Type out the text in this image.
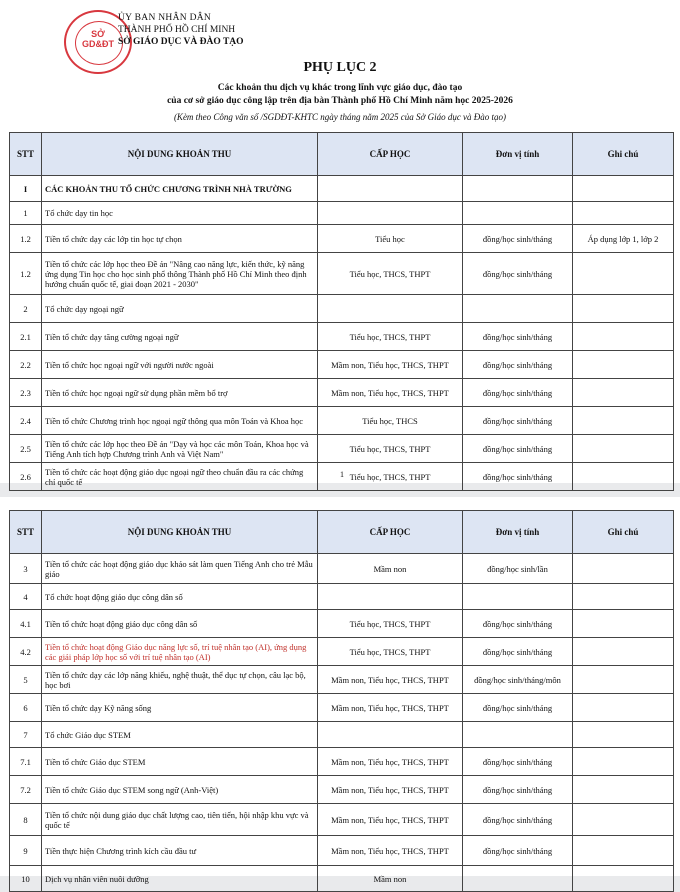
SỞ
GD&ĐT
ỦY BAN NHÂN DÂN
THÀNH PHỐ HỒ CHÍ MINH
SỞ GIÁO DỤC VÀ ĐÀO TẠO
PHỤ LỤC 2
Các khoản thu dịch vụ khác trong lĩnh vực giáo dục, đào tạo
của cơ sở giáo dục công lập trên địa bàn Thành phố Hồ Chí Minh năm học 2025-2026
(Kèm theo Công văn số /SGDĐT-KHTC ngày tháng năm 2025 của Sở Giáo dục và Đào tạo)
STT	NỘI DUNG KHOẢN THU	CẤP HỌC	Đơn vị tính	Ghi chú
I	CÁC KHOẢN THU TỔ CHỨC CHƯƠNG TRÌNH NHÀ TRƯỜNG			
1	Tổ chức dạy tin học			
1.2	Tiền tổ chức dạy các lớp tin học tự chọn	Tiểu học	đồng/học sinh/tháng	Áp dụng lớp 1, lớp 2
1.2	Tiền tổ chức các lớp học theo Đề án "Nâng cao năng lực, kiến thức, kỹ năng ứng dụng Tin học cho học sinh phổ thông Thành phố Hồ Chí Minh theo định hướng chuẩn quốc tế, giai đoạn 2021 - 2030"	Tiểu học, THCS, THPT	đồng/học sinh/tháng	
2	Tổ chức dạy ngoại ngữ			
2.1	Tiền tổ chức dạy tăng cường ngoại ngữ	Tiểu học, THCS, THPT	đồng/học sinh/tháng	
2.2	Tiền tổ chức học ngoại ngữ với người nước ngoài	Mầm non, Tiểu học, THCS, THPT	đồng/học sinh/tháng	
2.3	Tiền tổ chức học ngoại ngữ sử dụng phần mềm bổ trợ	Mầm non, Tiểu học, THCS, THPT	đồng/học sinh/tháng	
2.4	Tiền tổ chức Chương trình học ngoại ngữ thông qua môn Toán và Khoa học	Tiểu học, THCS	đồng/học sinh/tháng	
2.5	Tiền tổ chức các lớp học theo Đề án "Dạy và học các môn Toán, Khoa học và Tiếng Anh tích hợp Chương trình Anh và Việt Nam"	Tiểu học, THCS, THPT	đồng/học sinh/tháng	
2.6	Tiền tổ chức các hoạt động giáo dục ngoại ngữ theo chuẩn đầu ra các chứng chỉ quốc tế	Tiểu học, THCS, THPT	đồng/học sinh/tháng	
1
STT	NỘI DUNG KHOẢN THU	CẤP HỌC	Đơn vị tính	Ghi chú
3	Tiền tổ chức các hoạt động giáo dục khảo sát làm quen Tiếng Anh cho trẻ Mẫu giáo	Mầm non	đồng/học sinh/lần	
4	Tổ chức hoạt động giáo dục công dân số			
4.1	Tiền tổ chức hoạt động giáo dục công dân số	Tiểu học, THCS, THPT	đồng/học sinh/tháng	
4.2	Tiền tổ chức hoạt động Giáo dục năng lực số, trí tuệ nhân tạo (AI), ứng dụng các giải pháp lớp học số với trí tuệ nhân tạo (AI)	Tiểu học, THCS, THPT	đồng/học sinh/tháng	
5	Tiền tổ chức dạy các lớp năng khiếu, nghệ thuật, thể dục tự chọn, câu lạc bộ, học bơi	Mầm non, Tiểu học, THCS, THPT	đồng/học sinh/tháng/môn	
6	Tiền tổ chức dạy Kỹ năng sống	Mầm non, Tiểu học, THCS, THPT	đồng/học sinh/tháng	
7	Tổ chức Giáo dục STEM			
7.1	Tiền tổ chức Giáo dục STEM	Mầm non, Tiểu học, THCS, THPT	đồng/học sinh/tháng	
7.2	Tiền tổ chức Giáo dục STEM song ngữ (Anh-Việt)	Mầm non, Tiểu học, THCS, THPT	đồng/học sinh/tháng	
8	Tiền tổ chức nội dung giáo dục chất lượng cao, tiên tiến, hội nhập khu vực và quốc tế	Mầm non, Tiểu học, THCS, THPT	đồng/học sinh/tháng	
9	Tiền thực hiện Chương trình kích cầu đầu tư	Mầm non, Tiểu học, THCS, THPT	đồng/học sinh/tháng	
10	Dịch vụ nhân viên nuôi dưỡng	Mầm non		
